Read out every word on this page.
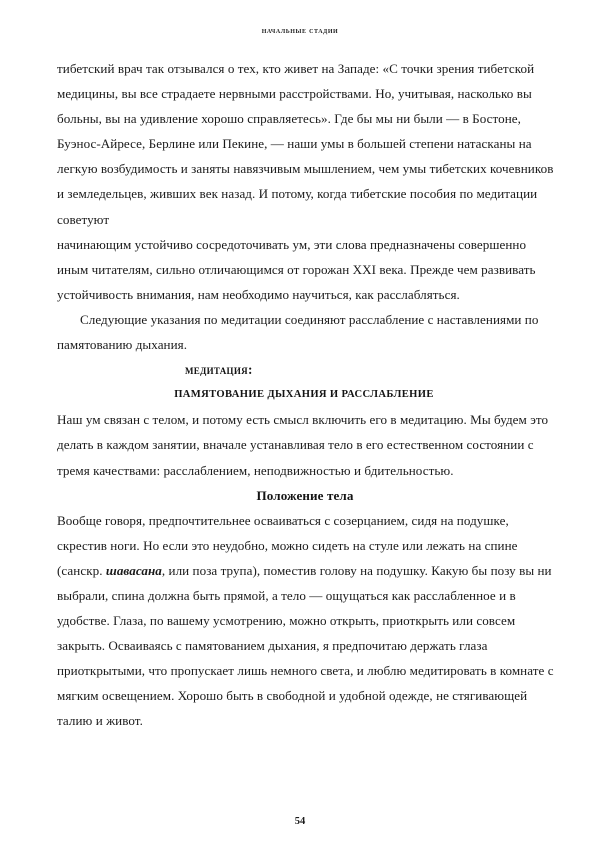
начальные стадии

тибетский врач так отзывался о тех, кто живет на Западе: «С точки зрения тибетской медицины, вы все страдаете нервными расстройствами. Но, учитывая, насколько вы больны, вы на удивление хорошо справляетесь». Где бы мы ни были — в Бостоне, Буэнос-Айресе, Берлине или Пекине, — наши умы в большей степени натасканы на легкую возбудимость и заняты навязчивым мышлением, чем умы тибетских кочевников и земледельцев, живших век назад. И потому, когда тибетские пособия по медитации советуют

начинающим устойчиво сосредоточивать ум, эти слова предназначены совершенно иным читателям, сильно отличающимся от горожан XXI века. Прежде чем развивать устойчивость внимания, нам необходимо научиться, как расслабляться.

Следующие указания по медитации соединяют расслабление с наставлениями по памятованию дыхания.

медитация:
ПАМЯТОВАНИЕ ДЫХАНИЯ И РАССЛАБЛЕНИЕ

Наш ум связан с телом, и потому есть смысл включить его в медитацию. Мы будем это делать в каждом занятии, вначале устанавливая тело в его естественном состоянии с тремя качествами: расслаблением, неподвижностью и бдительностью.

Положение тела

Вообще говоря, предпочтительнее осваиваться с созерцанием, сидя на подушке, скрестив ноги. Но если это неудобно, можно сидеть на стуле или лежать на спине (санскр. шавасана, или поза трупа), поместив голову на подушку. Какую бы позу вы ни выбрали, спина должна быть прямой, а тело — ощущаться как расслабленное и в удобстве. Глаза, по вашему усмотрению, можно открыть, приоткрыть или совсем закрыть. Осваиваясь с памятованием дыхания, я предпочитаю держать глаза приоткрытыми, что пропускает лишь немного света, и люблю медитировать в комнате с мягким освещением. Хорошо быть в свободной и удобной одежде, не стягивающей талию и живот.

54
